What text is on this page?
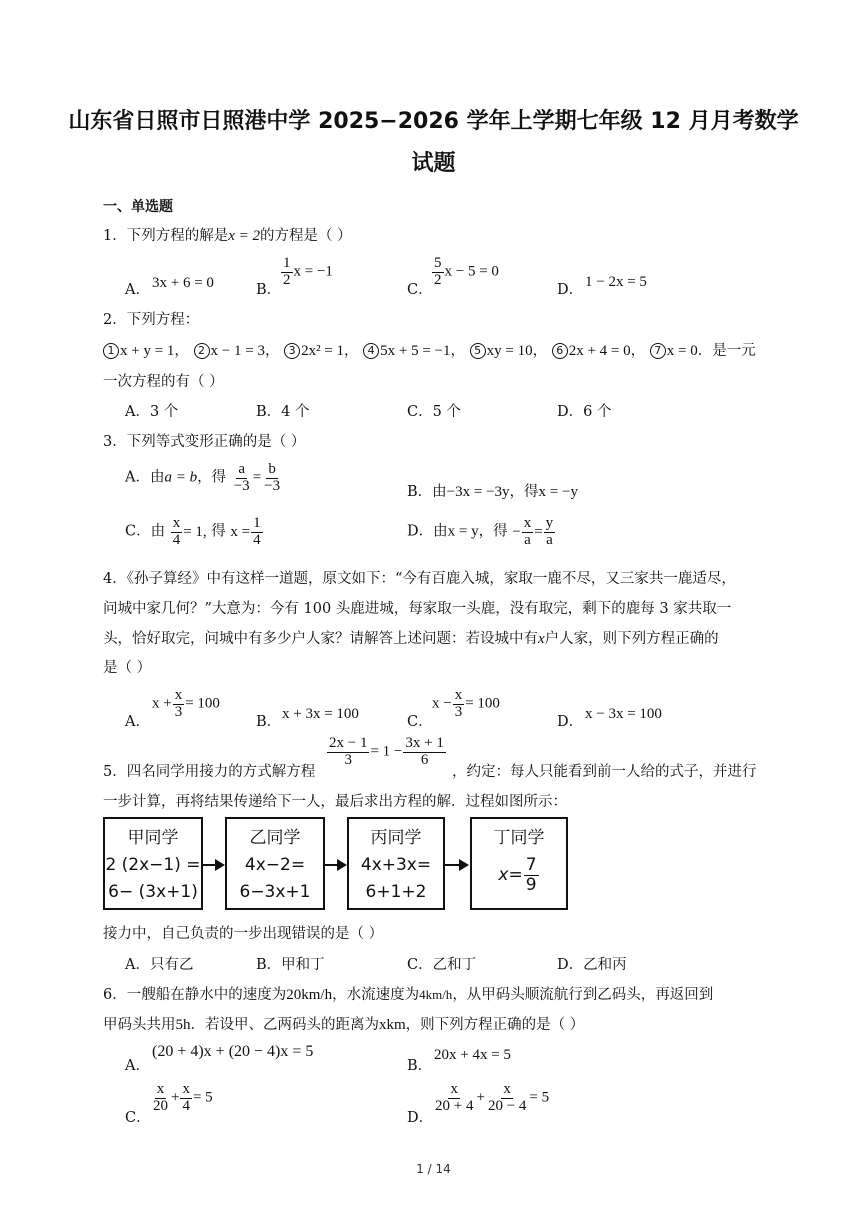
山东省日照市日照港中学 2025−2026 学年上学期七年级 12 月月考数学
试题
一、单选题
1．下列方程的解是x = 2的方程是（ ）
A． 3x + 6 = 0	B．
$\frac{1}{2}$ x = −1
C．
$\frac{5}{2}$ x − 5 = 0
D． 1 − 2x = 5
2．下列方程：
1 x + y = 1， 2 x − 1 = 3， 3 2x² = 1， 4 5x + 5 = −1， 5 xy = 10， 6 2x + 4 = 0， 7 x = 0．是一元
一次方程的有（ ）
A．3 个	B．4 个	C．5 个	D．6 个
3．下列等式变形正确的是（ ）
A．由a = b，得 $\frac{a}{-3} = \frac{b}{-3}$	B．由−3x = −3y，得x = −y
C．由 $\frac{x}{4} = 1$, 得 $x = \frac{1}{4}$	D．由x = y，得 − $\frac{x}{a} = \frac{y}{a}$
4．《孙子算经》中有这样一道题，原文如下：“今有百鹿入城，家取一鹿不尽，又三家共一鹿适尽，
问城中家几何？”大意为：今有 100 头鹿进城，每家取一头鹿，没有取完，剩下的鹿每 3 家共取一
头，恰好取完，问城中有多少户人家？请解答上述问题：若设城中有x户人家，则下列方程正确的
是（ ）
A．
$x + \frac{x}{3} = 100$
B． x + 3x = 100	C．
$x - \frac{x}{3} = 100$
D． x − 3x = 100
5．四名同学用接力的方式解方程
$\frac{2x - 1}{3} = 1 - \frac{3x + 1}{6}$
，约定：每人只能看到前一人给的式子，并进行
一步计算，再将结果传递给下一人，最后求出方程的解．过程如图所示：
甲同学
2 (2x−1) =
6− (3x+1)
乙同学
4x−2=
6−3x+1
丙同学
4x+3x=
6+1+2
丁同学
$x= \frac{7}{9}$
接力中，自己负责的一步出现错误的是（ ）
A．只有乙	B．甲和丁	C．乙和丁	D．乙和丙
6．一艘船在静水中的速度为20km/h，水流速度为4km/h，从甲码头顺流航行到乙码头，再返回到
甲码头共用5h．若设甲、乙两码头的距离为xkm，则下列方程正确的是（ ）
A．
(20 + 4)x + (20 − 4)x = 5
B．
20x + 4x = 5
C．
$\frac{x}{20} + \frac{x}{4} = 5$
D．
$\frac{x}{20 + 4} + \frac{x}{20 - 4} = 5$
1 / 14
